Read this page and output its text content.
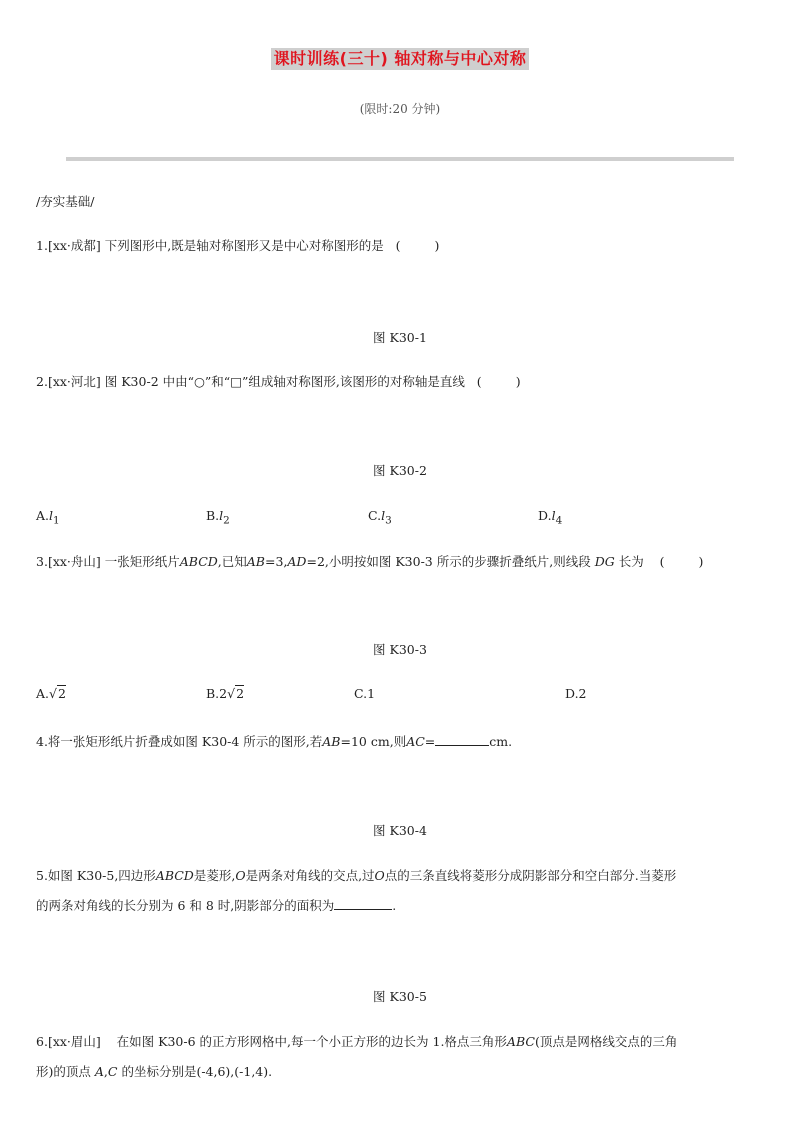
课时训练(三十) 轴对称与中心对称
(限时:20 分钟)
/夯实基础/
1.[xx·成都] 下列图形中,既是轴对称图形又是中心对称图形的是 (	)
图 K30-1
2.[xx·河北] 图 K30-2 中由“○”和“□”组成轴对称图形,该图形的对称轴是直线 (	)
图 K30-2
$A.l_1$	$B.l_2$	$C.l_3$	$D.l_4$
3.[xx·舟山] 一张矩形纸片ABCD,已知AB=3,AD=2,小明按如图 K30-3 所示的步骤折叠纸片,则线段 DG 长为 (	)
图 K30-3
A.√2	B.2√2	C.1	D.2
4.将一张矩形纸片折叠成如图 K30-4 所示的图形,若AB=10 cm,则AC=	cm.
图 K30-4
5.如图 K30-5,四边形ABCD是菱形,O是两条对角线的交点,过O点的三条直线将菱形分成阴影部分和空白部分.当菱形
的两条对角线的长分别为 6 和 8 时,阴影部分的面积为	.
图 K30-5
6.[xx·眉山] 在如图 K30-6 的正方形网格中,每一个小正方形的边长为 1.格点三角形ABC(顶点是网格线交点的三角
形)的顶点 A,C 的坐标分别是(-4,6),(-1,4).
